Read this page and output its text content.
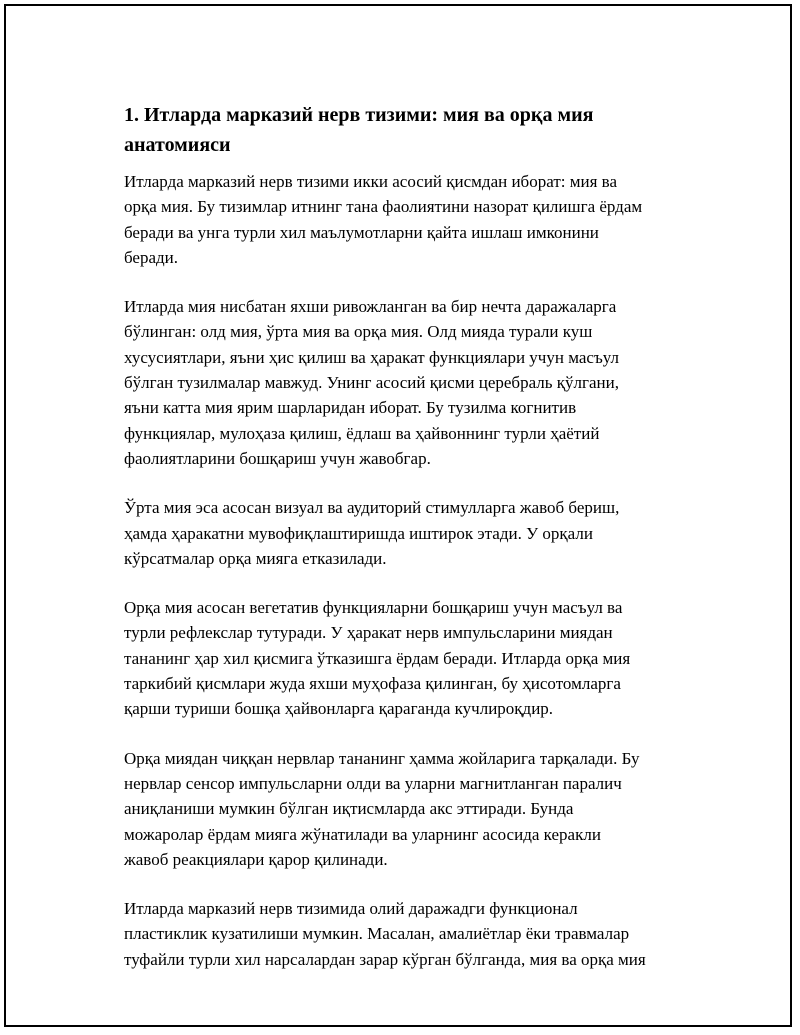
1. Итларда марказий нерв тизими: мия ва орқа мия
анатомияси

Итларда марказий нерв тизими икки асосий қисмдан иборат: мия ва
орқа мия. Бу тизимлар итнинг тана фаолиятини назорат қилишга ёрдам
беради ва унга турли хил маълумотларни қайта ишлаш имконини
беради.

Итларда мия нисбатан яхши ривожланган ва бир нечта даражаларга
бўлинган: олд мия, ўрта мия ва орқа мия. Олд мияда турали куш
хусусиятлари, яъни ҳис қилиш ва ҳаракат функциялари учун масъул
бўлган тузилмалар мавжуд. Унинг асосий қисми церебраль қўлгани,
яъни катта мия ярим шарларидан иборат. Бу тузилма когнитив
функциялар, мулоҳаза қилиш, ёдлаш ва ҳайвоннинг турли ҳаётий
фаолиятларини бошқариш учун жавобгар.

Ўрта мия эса асосан визуал ва аудиторий стимулларга жавоб бериш,
ҳамда ҳаракатни мувофиқлаштиришда иштирок этади. У орқали
кўрсатмалар орқа мияга етказилади.

Орқа мия асосан вегетатив функцияларни бошқариш учун масъул ва
турли рефлекслар тутуради. У ҳаракат нерв импульсларини миядан
тананинг ҳар хил қисмига ўтказишга ёрдам беради. Итларда орқа мия
таркибий қисмлари жуда яхши муҳофаза қилинган, бу ҳисотомларга
қарши туриши бошқа ҳайвонларга қараганда кучлироқдир.

Орқа миядан чиққан нервлар тананинг ҳамма жойларига тарқалади. Бу
нервлар сенсор импульсларни олди ва уларни магнитланган паралич
аниқланиши мумкин бўлган иқтисмларда акс эттиради. Бунда
можаролар ёрдам мияга жўнатилади ва уларнинг асосида керакли
жавоб реакциялари қарор қилинади.

Итларда марказий нерв тизимида олий даражадги функционал
пластиклик кузатилиши мумкин. Масалан, амалиётлар ёки травмалар
туфайли турли хил нарсалардан зарар кўрган бўлганда, мия ва орқа мия
